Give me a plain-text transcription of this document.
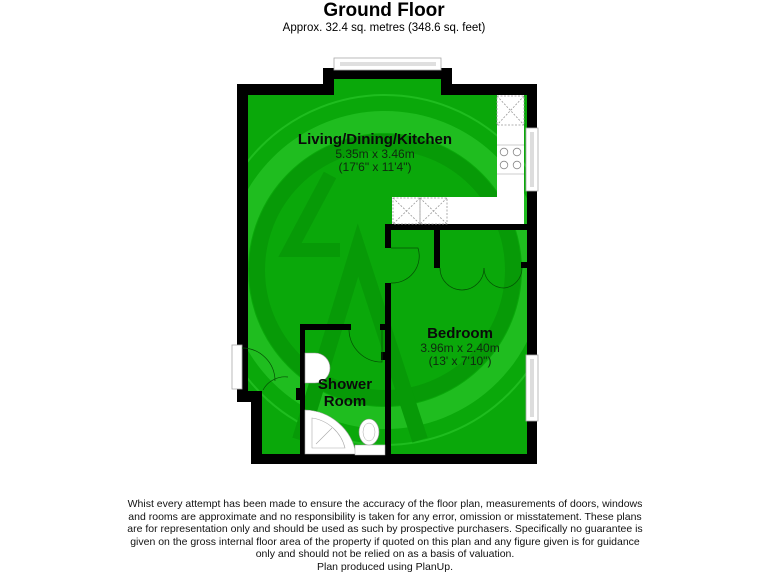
Ground Floor
Approx. 32.4 sq. metres (348.6 sq. feet)
Living/Dining/Kitchen
5.35m x 3.46m
(17'6" x 11'4")
Bedroom
3.96m x 2.40m
(13' x 7'10")
Shower
Room
Whist every attempt has been made to ensure the accuracy of the floor plan, measurements of doors, windows
and rooms are approximate and no responsibility is taken for any error, omission or misstatement. These plans
are for representation only and should be used as such by prospective purchasers. Specifically no guarantee is
given on the gross internal floor area of the property if quoted on this plan and any figure given is for guidance
only and should not be relied on as a basis of valuation.
Plan produced using PlanUp.
